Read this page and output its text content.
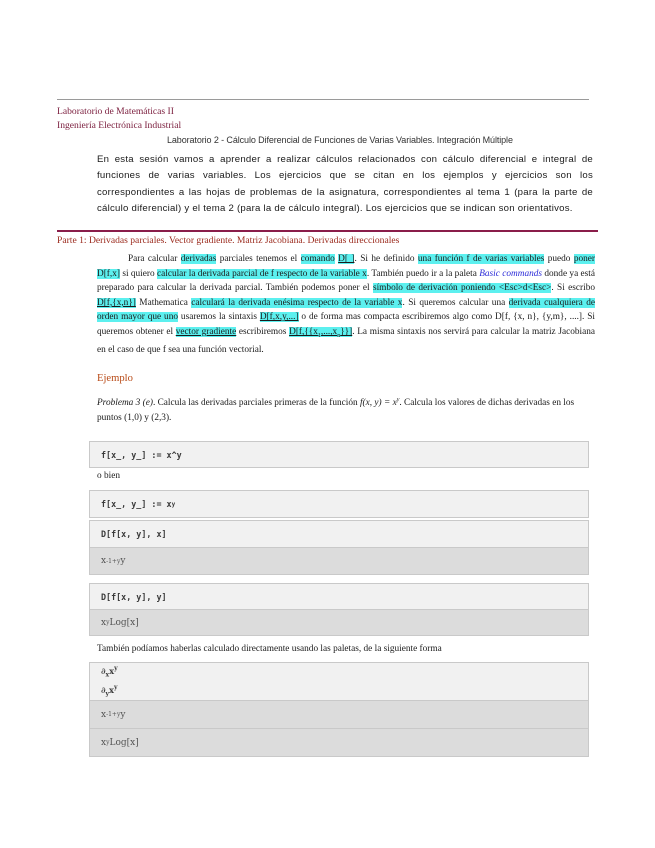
Laboratorio de Matemáticas II
Ingeniería Electrónica Industrial
Laboratorio 2 - Cálculo Diferencial de Funciones de Varias Variables. Integración Múltiple
En esta sesión vamos a aprender a realizar cálculos relacionados con cálculo diferencial e integral de funciones de varias variables. Los ejercicios que se citan en los ejemplos y ejercicios son los correspondientes a las hojas de problemas de la asignatura, correspondientes al tema 1 (para la parte de cálculo diferencial) y el tema 2 (para la de cálculo integral). Los ejercicios que se indican son orientativos.
Parte 1: Derivadas parciales. Vector gradiente. Matriz Jacobiana. Derivadas direccionales
Para calcular derivadas parciales tenemos el comando D[ ]. Si he definido una función f de varias variables puedo poner D[f,x] si quiero calcular la derivada parcial de f respecto de la variable x. También puedo ir a la paleta Basic commands donde ya está preparado para calcular la derivada parcial. También podemos poner el símbolo de derivación poniendo <Esc>d<Esc>. Si escribo D[f,{x,n}] Mathematica calculará la derivada enésima respecto de la variable x. Si queremos calcular una derivada cualquiera de orden mayor que uno usaremos la sintaxis D[f,x,y,...] o de forma mas compacta escribiremos algo como D[f, {x, n}, {y,m}, ....]. Si queremos obtener el vector gradiente escribiremos $D[f,\{\{x_1,...,x_n\}\}]$. La misma sintaxis nos servirá para calcular la matriz Jacobiana en el caso de que f sea una función vectorial.
Ejemplo
Problema 3 (e). Calcula las derivadas parciales primeras de la función f(x, $y) = x^y$. Calcula los valores de dichas derivadas en los puntos (1,0) y (2,3).
f[x_, y_] := x^y
o bien
f[x_, y_] := x y
D[f[x, y], x]
x -1+y y
D[f[x, y], y]
x y Log[x]
También podíamos haberlas calculado directamente usando las paletas, de la siguiente forma
$\partial_xx^y$
$\partial_yx^y$
x -1+y y
x y Log[x]
